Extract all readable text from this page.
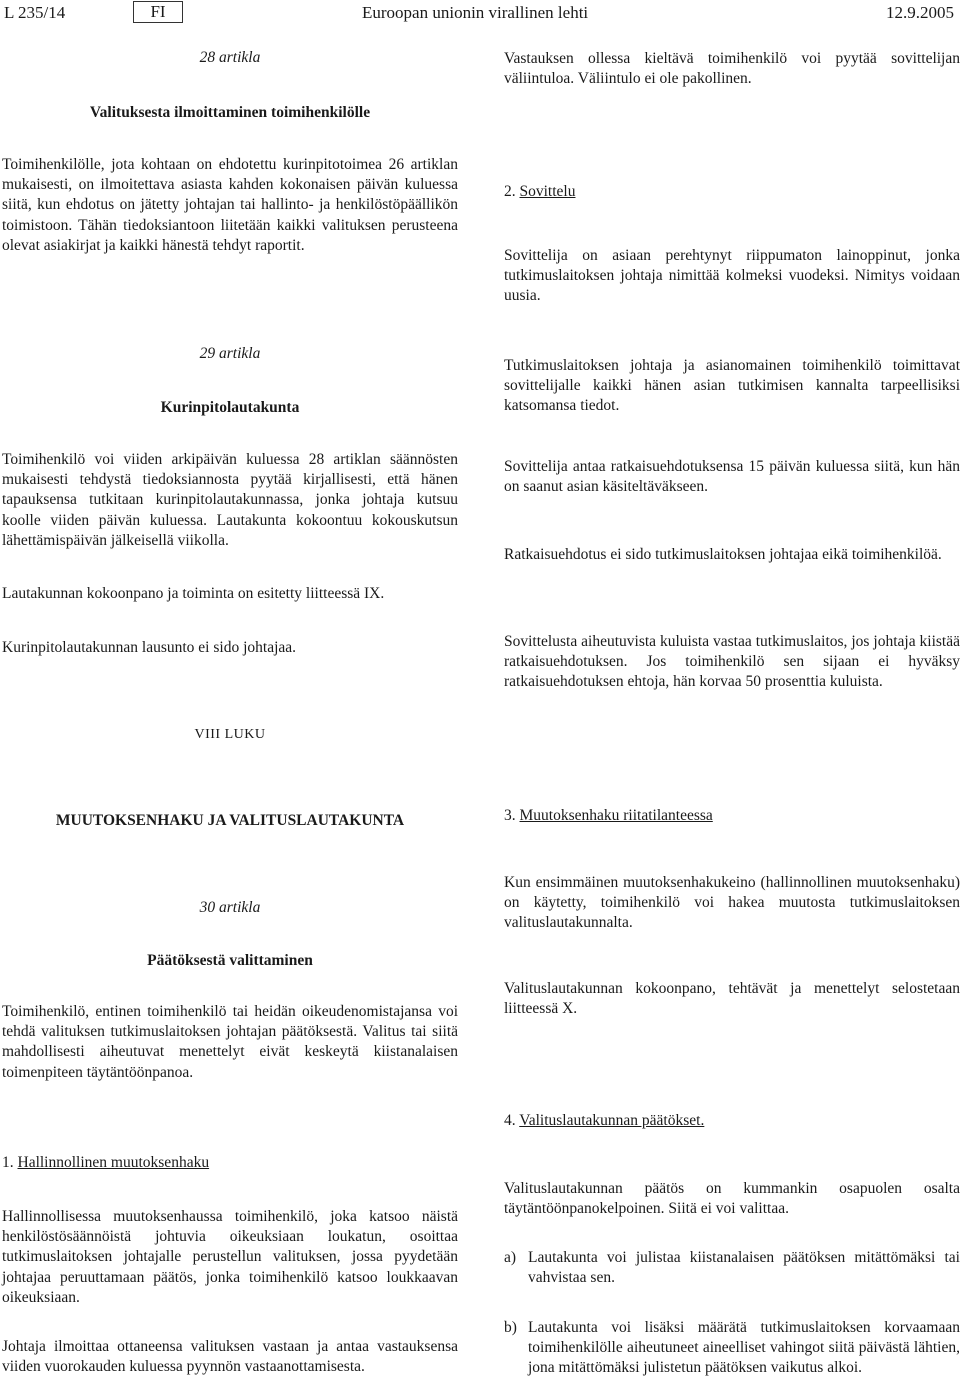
L 235/14	FI	Euroopan unionin virallinen lehti	12.9.2005

28 artikla

Valituksesta ilmoittaminen toimihenkilölle

Toimihenkilölle, jota kohtaan on ehdotettu kurinpitotoimea 26 artiklan mukaisesti, on ilmoitettava asiasta kahden kokonaisen päivän kuluessa siitä, kun ehdotus on jätetty johtajan tai hallinto- ja henkilöstöpäällikön toimistoon. Tähän tiedoksiantoon liitetään kaikki valituksen perusteena olevat asiakirjat ja kaikki hänestä tehdyt raportit.

29 artikla

Kurinpitolautakunta

Toimihenkilö voi viiden arkipäivän kuluessa 28 artiklan säännösten mukaisesti tehdystä tiedoksiannosta pyytää kirjallisesti, että hänen tapauksensa tutkitaan kurinpitolautakunnassa, jonka johtaja kutsuu koolle viiden päivän kuluessa. Lautakunta kokoontuu kokouskutsun lähettämispäivän jälkeisellä viikolla.

Lautakunnan kokoonpano ja toiminta on esitetty liitteessä IX.

Kurinpitolautakunnan lausunto ei sido johtajaa.

VIII LUKU

MUUTOKSENHAKU JA VALITUSLAUTAKUNTA

30 artikla

Päätöksestä valittaminen

Toimihenkilö, entinen toimihenkilö tai heidän oikeudenomistajansa voi tehdä valituksen tutkimuslaitoksen johtajan päätöksestä. Valitus tai siitä mahdollisesti aiheutuvat menettelyt eivät keskeytä kiistanalaisen toimenpiteen täytäntöönpanoa.

1. Hallinnollinen muutoksenhaku

Hallinnollisessa muutoksenhaussa toimihenkilö, joka katsoo näistä henkilöstösäännöistä johtuvia oikeuksiaan loukatun, osoittaa tutkimuslaitoksen johtajalle perustellun valituksen, jossa pyydetään johtajaa peruuttamaan päätös, jonka toimihenkilö katsoo loukkaavan oikeuksiaan.

Johtaja ilmoittaa ottaneensa valituksen vastaan ja antaa vastauksensa viiden vuorokauden kuluessa pyynnön vastaanottamisesta.

Vastauksen ollessa kieltävä toimihenkilö voi pyytää sovittelijan väliintuloa. Väliintulo ei ole pakollinen.

2. Sovittelu

Sovittelija on asiaan perehtynyt riippumaton lainoppinut, jonka tutkimuslaitoksen johtaja nimittää kolmeksi vuodeksi. Nimitys voidaan uusia.

Tutkimuslaitoksen johtaja ja asianomainen toimihenkilö toimittavat sovittelijalle kaikki hänen asian tutkimisen kannalta tarpeellisiksi katsomansa tiedot.

Sovittelija antaa ratkaisuehdotuksensa 15 päivän kuluessa siitä, kun hän on saanut asian käsiteltäväkseen.

Ratkaisuehdotus ei sido tutkimuslaitoksen johtajaa eikä toimihenkilöä.

Sovittelusta aiheutuvista kuluista vastaa tutkimuslaitos, jos johtaja kiistää ratkaisuehdotuksen. Jos toimihenkilö sen sijaan ei hyväksy ratkaisuehdotuksen ehtoja, hän korvaa 50 prosenttia kuluista.

3. Muutoksenhaku riitatilanteessa

Kun ensimmäinen muutoksenhakukeino (hallinnollinen muutoksenhaku) on käytetty, toimihenkilö voi hakea muutosta tutkimuslaitoksen valituslautakunnalta.

Valituslautakunnan kokoonpano, tehtävät ja menettelyt selostetaan liitteessä X.

4. Valituslautakunnan päätökset.

Valituslautakunnan päätös on kummankin osapuolen osalta täytäntöönpanokelpoinen. Siitä ei voi valittaa.

a) Lautakunta voi julistaa kiistanalaisen päätöksen mitättömäksi tai vahvistaa sen.
b) Lautakunta voi lisäksi määrätä tutkimuslaitoksen korvaamaan toimihenkilölle aiheutuneet aineelliset vahingot siitä päivästä lähtien, jona mitättömäksi julistetun päätöksen vaikutus alkoi.
